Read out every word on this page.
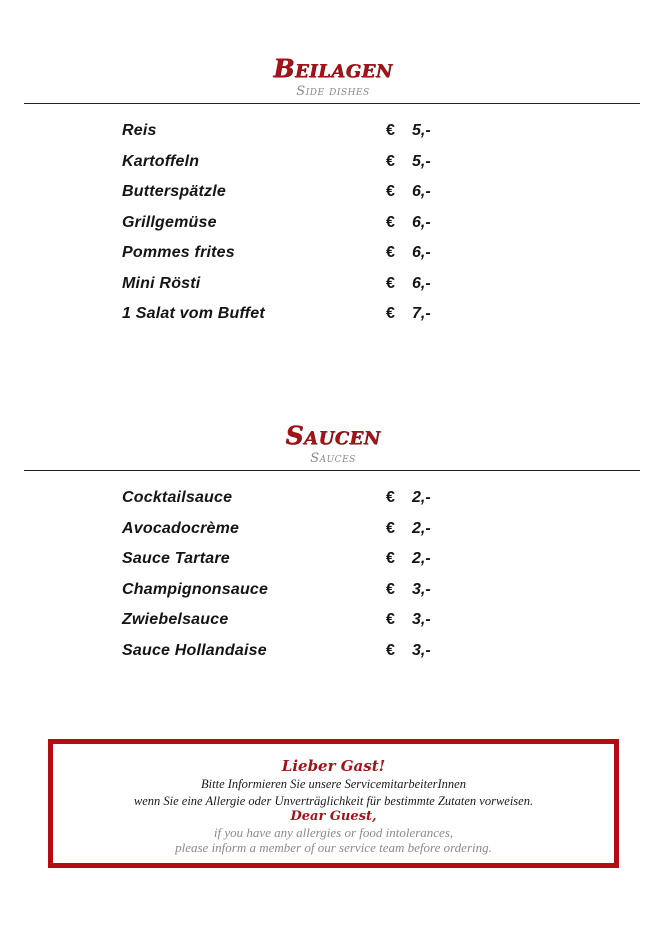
Beilagen
Side dishes
Reis	€ 5,-
Kartoffeln	€ 5,-
Butterspätzle	€ 6,-
Grillgemüse	€ 6,-
Pommes frites	€ 6,-
Mini Rösti	€ 6,-
1 Salat vom Buffet	€ 7,-
Saucen
Sauces
Cocktailsauce	€ 2,-
Avocadocrème	€ 2,-
Sauce Tartare	€ 2,-
Champignonsauce	€ 3,-
Zwiebelsauce	€ 3,-
Sauce Hollandaise	€ 3,-
Lieber Gast!
Bitte Informieren Sie unsere ServicemitarbeiterInnen
wenn Sie eine Allergie oder Unverträglichkeit für bestimmte Zutaten vorweisen.
Dear Guest,
if you have any allergies or food intolerances,
please inform a member of our service team before ordering.
